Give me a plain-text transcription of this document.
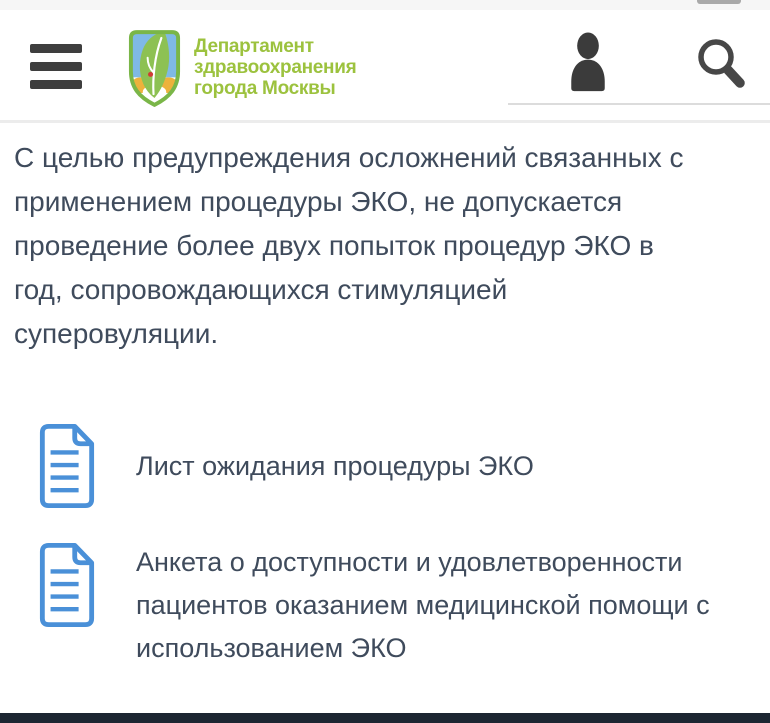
Департамент
здравоохранения
города Москвы

С целью предупреждения осложнений связанных с применением процедуры ЭКО, не допускается проведение более двух попыток процедур ЭКО в год, сопровождающихся стимуляцией суперовуляции.

Лист ожидания процедуры ЭКО
Анкета о доступности и удовлетворенности пациентов оказанием медицинской помощи с использованием ЭКО
